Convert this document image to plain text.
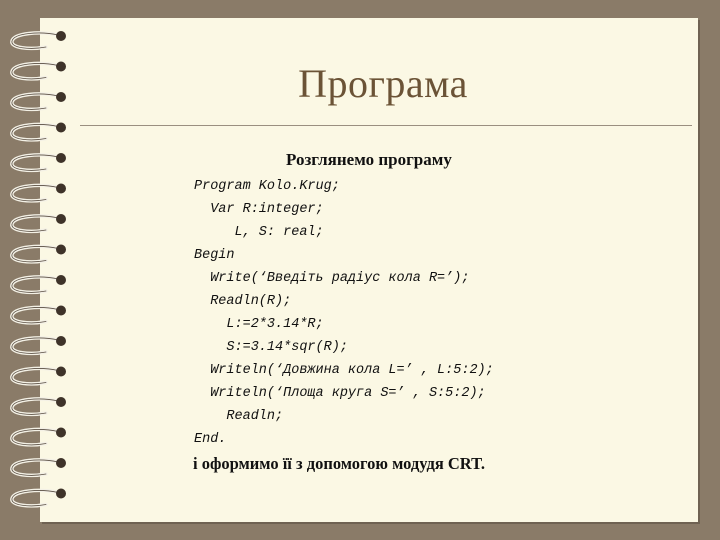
Програма
Розглянемо програму
Program Kolo.Krug;
Var R:integer;
L, S: real;
Begin
Write(‘Введіть радіус кола R=’);
Readln(R);
L:=2*3.14*R;
S:=3.14*sqr(R);
Writeln(‘Довжина кола L=’ , L:5:2);
Writeln(‘Площа круга S=’ , S:5:2);
Readln;
End.
і оформимо її з допомогою модудя CRT.
